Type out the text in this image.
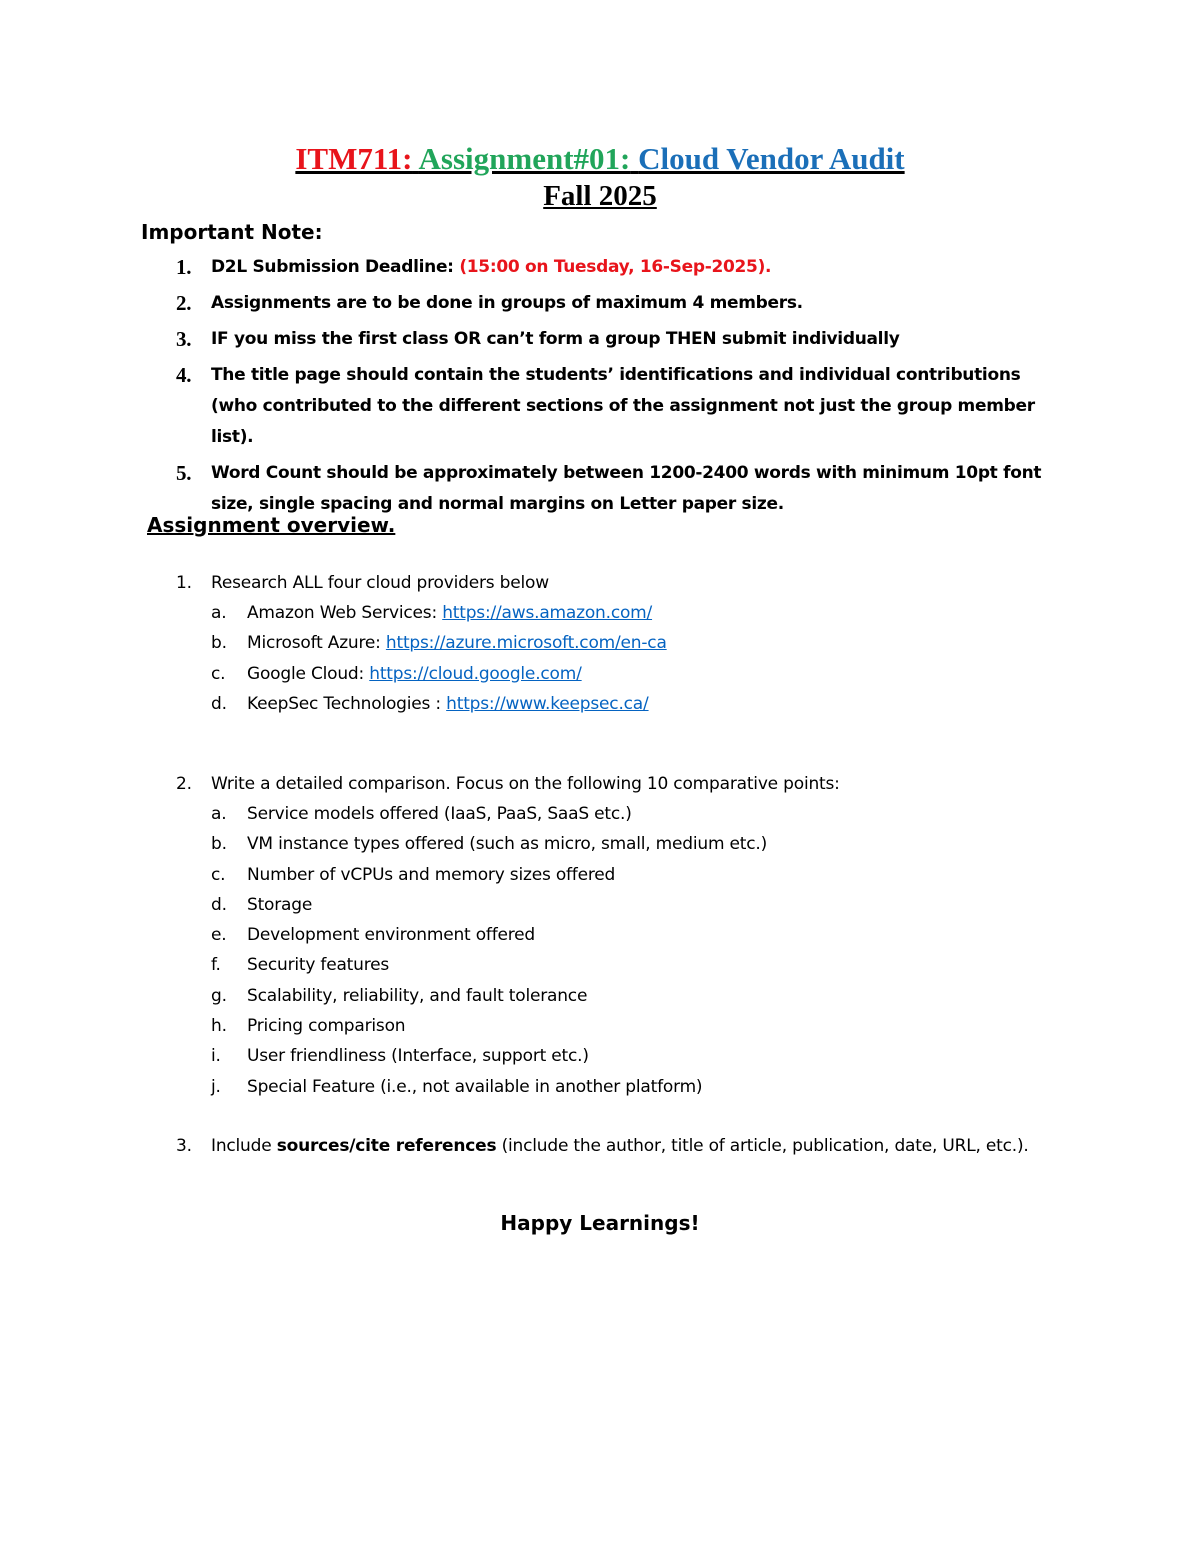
ITM711: Assignment#01: Cloud Vendor Audit
Fall 2025
Important Note:
1. D2L Submission Deadline: (15:00 on Tuesday, 16-Sep-2025).
2. Assignments are to be done in groups of maximum 4 members.
3. IF you miss the first class OR can’t form a group THEN submit individually
4. The title page should contain the students’ identifications and individual contributions (who contributed to the different sections of the assignment not just the group member list).
5. Word Count should be approximately between 1200-2400 words with minimum 10pt font size, single spacing and normal margins on Letter paper size.
Assignment overview.
1. Research ALL four cloud providers below
a. Amazon Web Services: https://aws.amazon.com/
b. Microsoft Azure: https://azure.microsoft.com/en-ca
c. Google Cloud: https://cloud.google.com/
d. KeepSec Technologies : https://www.keepsec.ca/
2. Write a detailed comparison. Focus on the following 10 comparative points:
a. Service models offered (IaaS, PaaS, SaaS etc.)
b. VM instance types offered (such as micro, small, medium etc.)
c. Number of vCPUs and memory sizes offered
d. Storage
e. Development environment offered
f. Security features
g. Scalability, reliability, and fault tolerance
h. Pricing comparison
i. User friendliness (Interface, support etc.)
j. Special Feature (i.e., not available in another platform)
3. Include sources/cite references (include the author, title of article, publication, date, URL, etc.).
Happy Learnings!
